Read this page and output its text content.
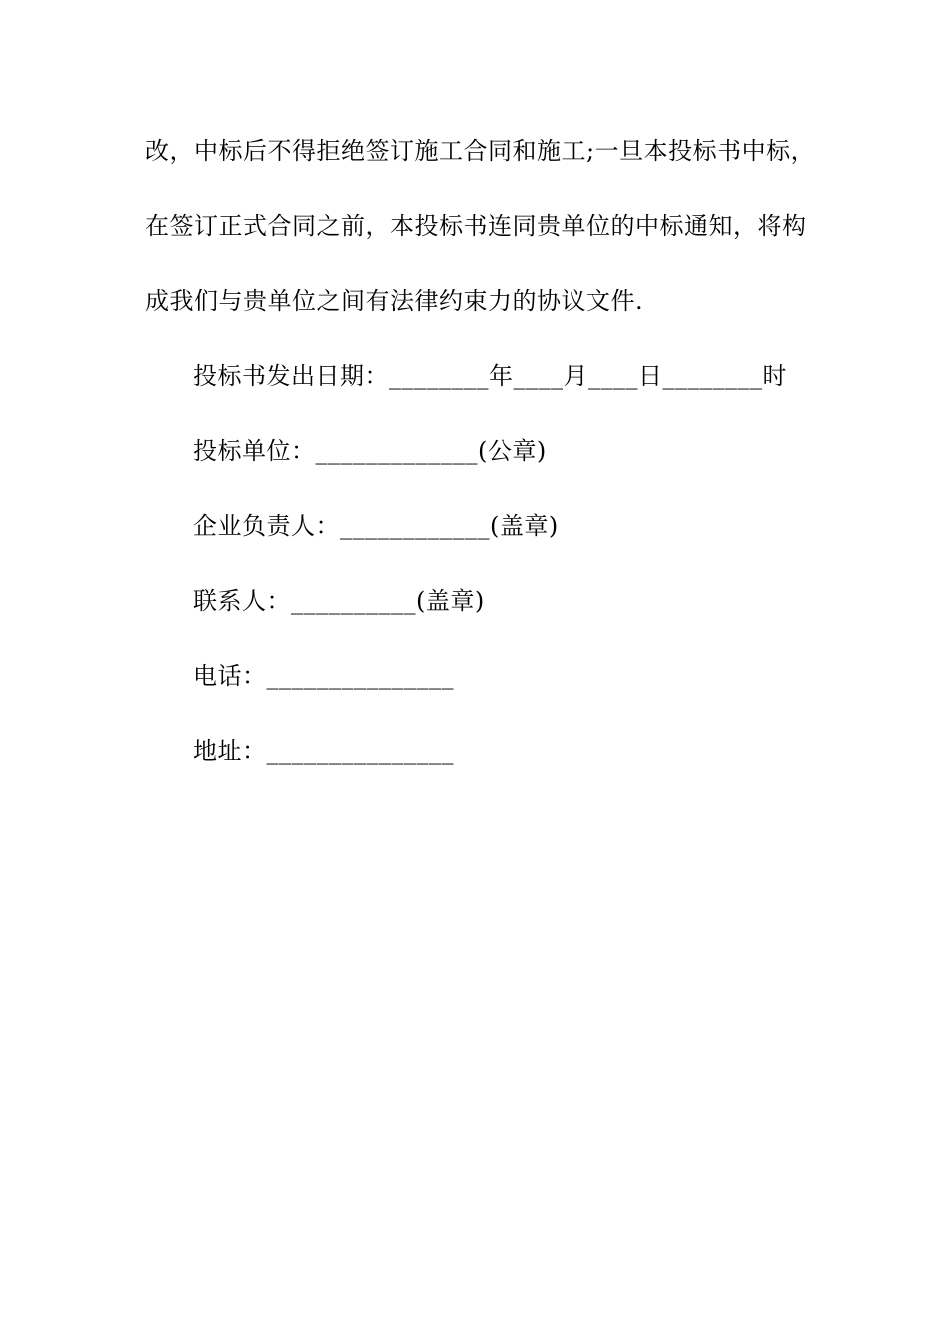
改，中标后不得拒绝签订施工合同和施工;一旦本投标书中标，
在签订正式合同之前，本投标书连同贵单位的中标通知，将构
成我们与贵单位之间有法律约束力的协议文件.
投标书发出日期：________年____月____日________时
投标单位：_____________(公章)
企业负责人：____________(盖章)
联系人：__________(盖章)
电话：_______________
地址：_______________
